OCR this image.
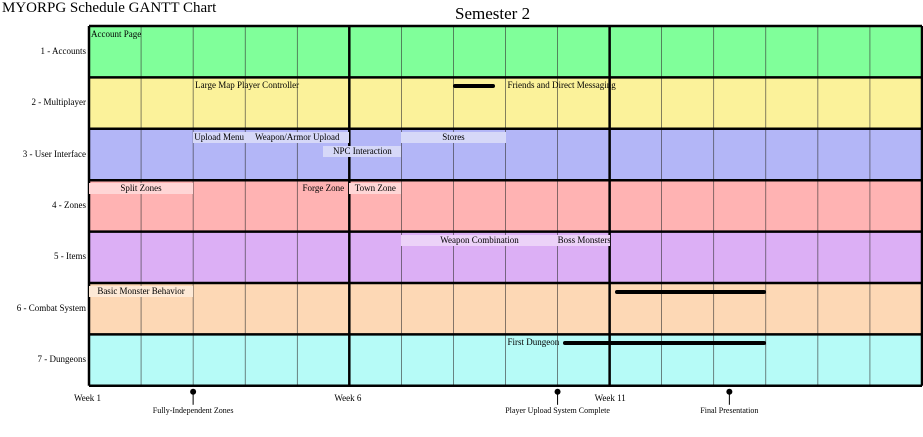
MYORPG Schedule GANTT Chart	Semester 2
1 - Accounts
2 - Multiplayer
3 - User Interface
4 - Zones
5 - Items
6 - Combat System
7 - Dungeons
Account Page
Large Map Player Controller	Friends and Direct Messaging
Upload Menu	Weapon/Armor Upload	Stores
NPC Interaction
Split Zones	Forge Zone	Town Zone
Weapon Combination	Boss Monsters
Basic Monster Behavior
First Dungeon
Week 1	Week 6	Week 11
Fully-Independent Zones	Player Upload System Complete	Final Presentation
